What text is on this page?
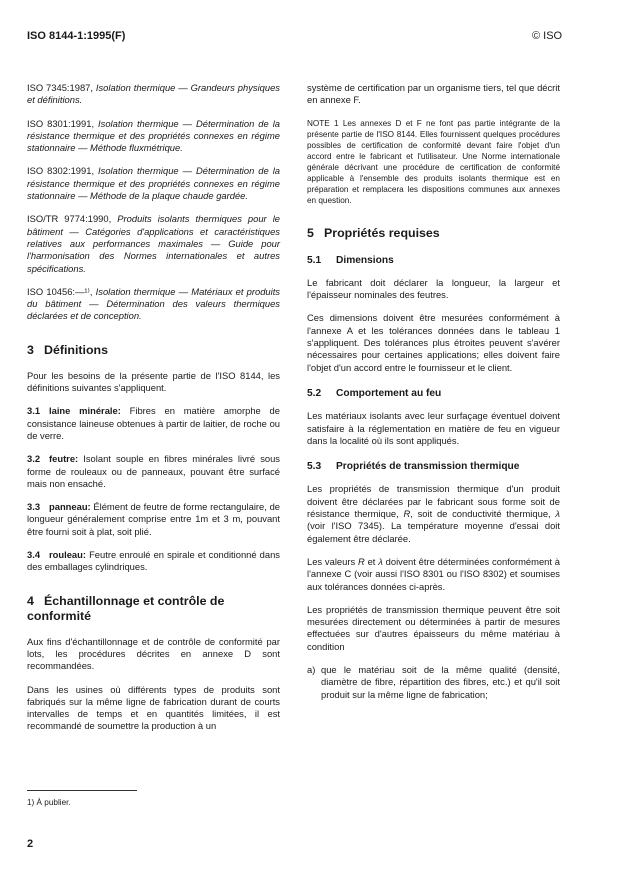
ISO 8144-1:1995(F)	© ISO

ISO 7345:1987, Isolation thermique — Grandeurs physiques et définitions.

ISO 8301:1991, Isolation thermique — Détermination de la résistance thermique et des propriétés connexes en régime stationnaire — Méthode fluxmétrique.

ISO 8302:1991, Isolation thermique — Détermination de la résistance thermique et des propriétés connexes en régime stationnaire — Méthode de la plaque chaude gardée.

ISO/TR 9774:1990, Produits isolants thermiques pour le bâtiment — Catégories d'applications et caractéristiques relatives aux performances maximales — Guide pour l'harmonisation des Normes internationales et autres spécifications.

ISO 10456:—¹⁾, Isolation thermique — Matériaux et produits du bâtiment — Détermination des valeurs thermiques déclarées et de conception.

3 Définitions

Pour les besoins de la présente partie de l'ISO 8144, les définitions suivantes s'appliquent.

3.1 laine minérale: Fibres en matière amorphe de consistance laineuse obtenues à partir de laitier, de roche ou de verre.

3.2 feutre: Isolant souple en fibres minérales livré sous forme de rouleaux ou de panneaux, pouvant être surfacé mais non ensaché.

3.3 panneau: Élément de feutre de forme rectangulaire, de longueur généralement comprise entre 1m et 3 m, pouvant être fourni soit à plat, soit plié.

3.4 rouleau: Feutre enroulé en spirale et conditionné dans des emballages cylindriques.

4 Échantillonnage et contrôle de conformité

Aux fins d'échantillonnage et de contrôle de conformité par lots, les procédures décrites en annexe D sont recommandées.

Dans les usines où différents types de produits sont fabriqués sur la même ligne de fabrication durant de courts intervalles de temps et en quantités limitées, il est recommandé de soumettre la production à un

système de certification par un organisme tiers, tel que décrit en annexe F.

NOTE 1 Les annexes D et F ne font pas partie intégrante de la présente partie de l'ISO 8144. Elles fournissent quelques procédures possibles de certification de conformité devant faire l'objet d'un accord entre le fabricant et l'utilisateur. Une Norme internationale générale décrivant une procédure de certification de conformité applicable à l'ensemble des produits isolants thermique est en préparation et remplacera les dispositions communes aux annexes en question.

5 Propriétés requises
5.1 Dimensions

Le fabricant doit déclarer la longueur, la largeur et l'épaisseur nominales des feutres.

Ces dimensions doivent être mesurées conformément à l'annexe A et les tolérances données dans le tableau 1 s'appliquent. Des tolérances plus étroites peuvent s'avérer nécessaires pour certaines applications; elles doivent faire l'objet d'un accord entre le fournisseur et le client.

5.2 Comportement au feu

Les matériaux isolants avec leur surfaçage éventuel doivent satisfaire à la réglementation en matière de feu en vigueur dans la localité où ils sont appliqués.

5.3 Propriétés de transmission thermique

Les propriétés de transmission thermique d'un produit doivent être déclarées par le fabricant sous forme soit de résistance thermique, R, soit de conductivité thermique, λ (voir l'ISO 7345). La température moyenne d'essai doit également être déclarée.

Les valeurs R et λ doivent être déterminées conformément à l'annexe C (voir aussi l'ISO 8301 ou l'ISO 8302) et soumises aux tolérances données ci-après.

Les propriétés de transmission thermique peuvent être soit mesurées directement ou déterminées à partir de mesures effectuées sur d'autres épaisseurs du même matériau à condition

a) que le matériau soit de la même qualité (densité, diamètre de fibre, répartition des fibres, etc.) et qu'il soit produit sur la même ligne de fabrication;
1) À publier.
2
